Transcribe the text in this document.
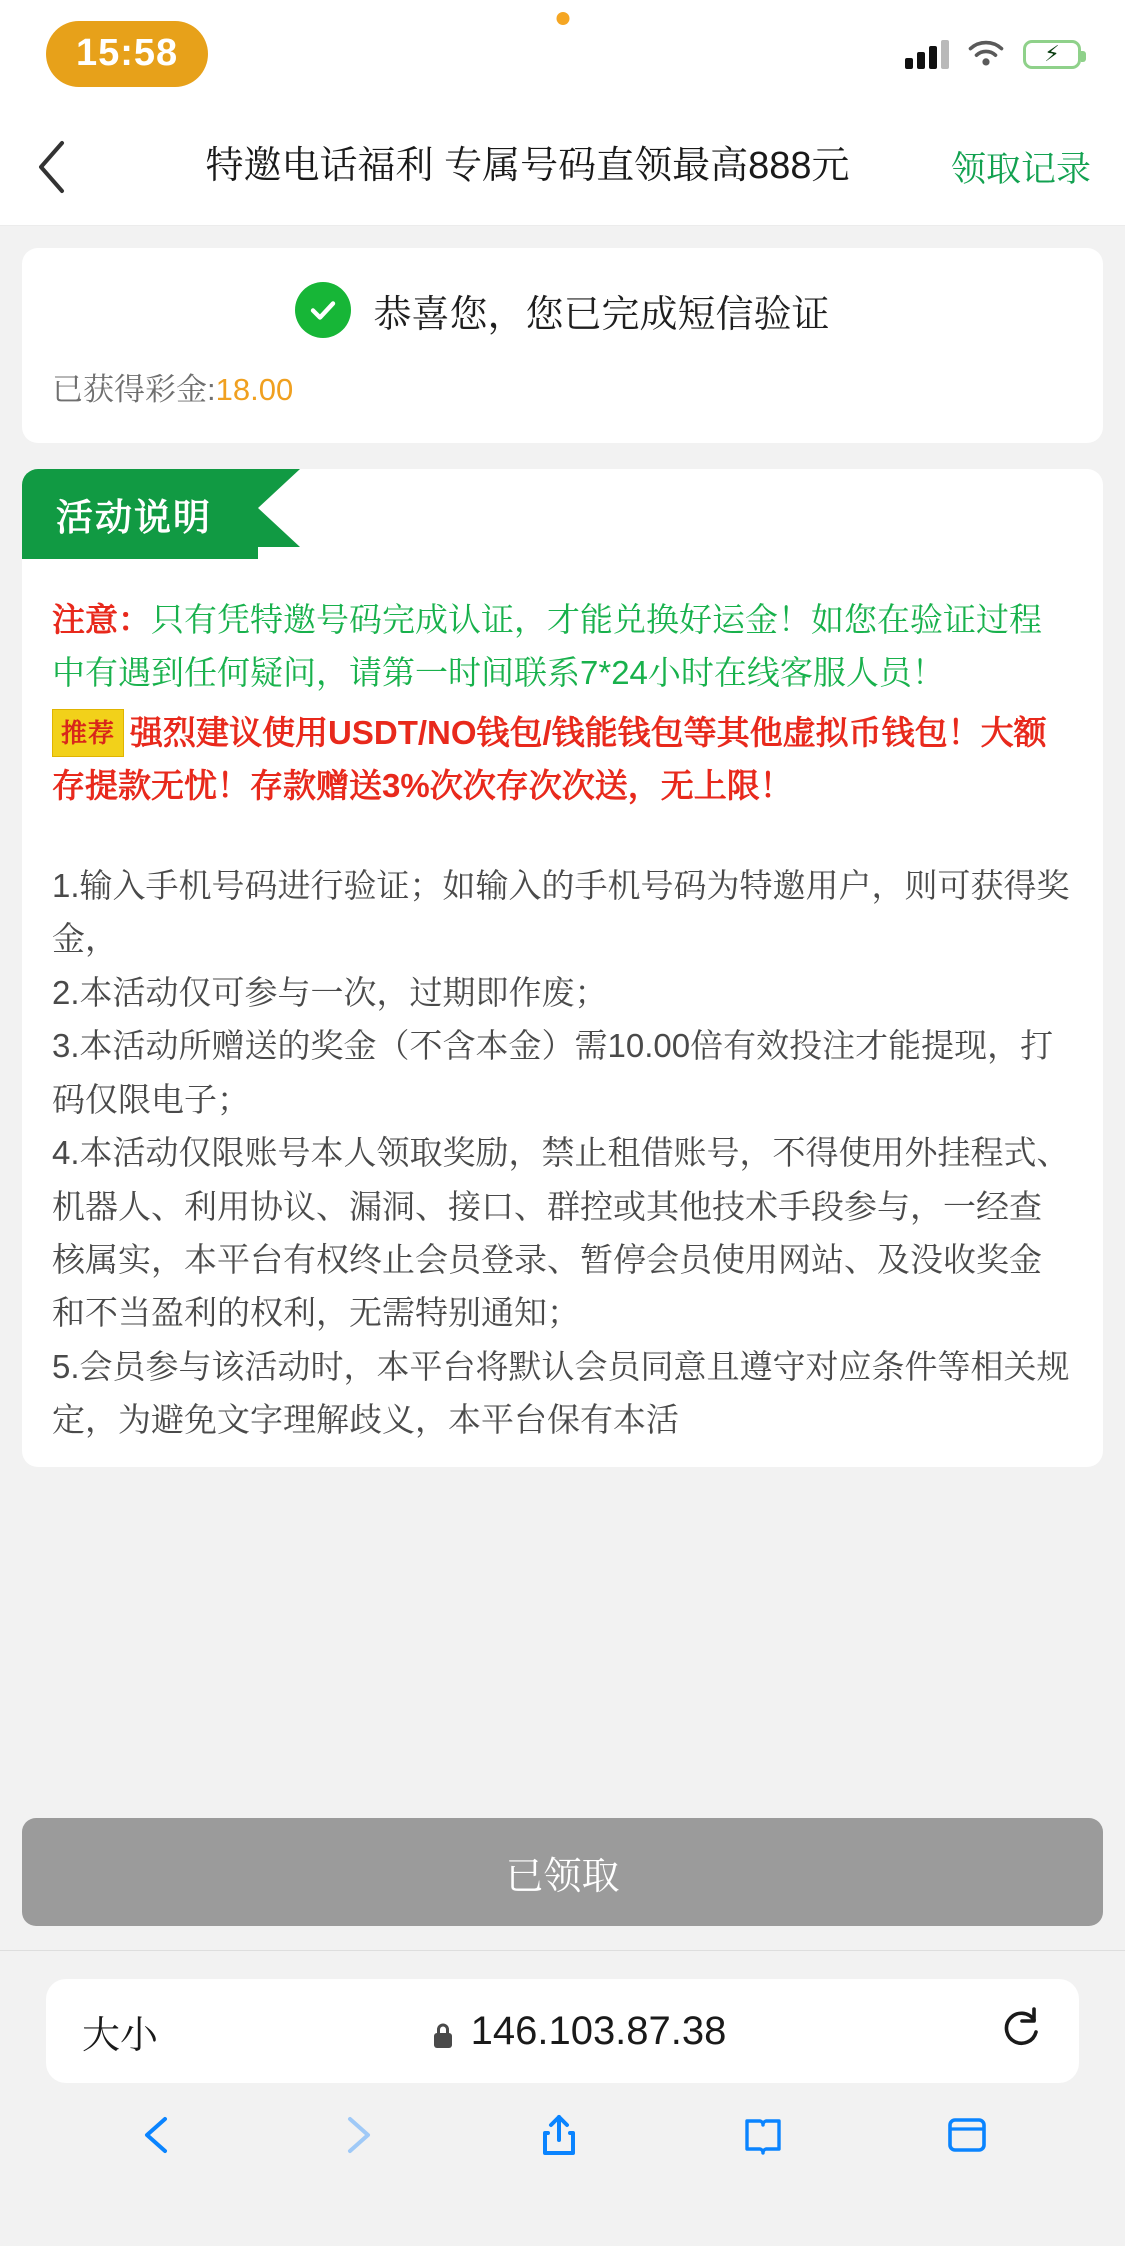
15:58	⚡
特邀电话福利 专属号码直领最高888元	领取记录
恭喜您，您已完成短信验证
已获得彩金:18.00
活动说明
注意：只有凭特邀号码完成认证，才能兑换好运金！如您在验证过程中有遇到任何疑问，请第一时间联系7*24小时在线客服人员！
推荐 强烈建议使用USDT/NO钱包/钱能钱包等其他虚拟币钱包！大额存提款无忧！存款赠送3%次次存次次送，无上限！

1.输入手机号码进行验证；如输入的手机号码为特邀用户，则可获得奖金，

2.本活动仅可参与一次，过期即作废；

3.本活动所赠送的奖金（不含本金）需10.00倍有效投注才能提现，打码仅限电子；

4.本活动仅限账号本人领取奖励，禁止租借账号，不得使用外挂程式、机器人、利用协议、漏洞、接口、群控或其他技术手段参与，一经查核属实，本平台有权终止会员登录、暂停会员使用网站、及没收奖金和不当盈利的权利，无需特别通知；

5.会员参与该活动时，本平台将默认会员同意且遵守对应条件等相关规定，为避免文字理解歧义，本平台保有本活

已领取
大小	146.103.87.38
